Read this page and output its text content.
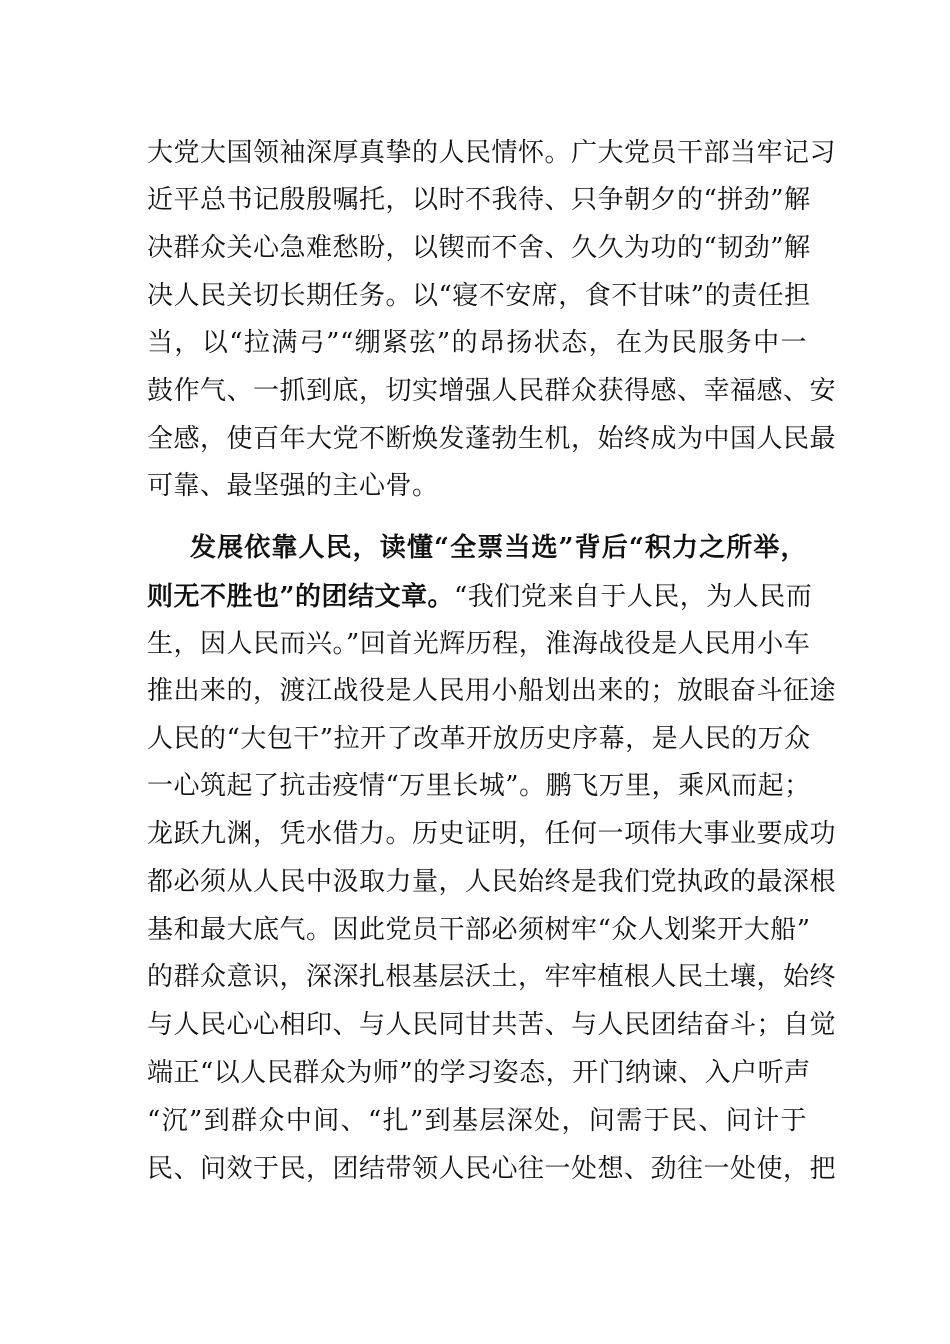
大党大国领袖深厚真挚的人民情怀。广大党员干部当牢记习
近平总书记殷殷嘱托，以时不我待、只争朝夕的“拼劲”解
决群众关心急难愁盼，以锲而不舍、久久为功的“韧劲”解
决人民关切长期任务。以“寝不安席，食不甘味”的责任担
当，以“拉满弓”“绷紧弦”的昂扬状态，在为民服务中一
鼓作气、一抓到底，切实增强人民群众获得感、幸福感、安
全感，使百年大党不断焕发蓬勃生机，始终成为中国人民最
可靠、最坚强的主心骨。
发展依靠人民，读懂“全票当选”背后“积力之所举，
则无不胜也”的团结文章。“我们党来自于人民，为人民而
生，因人民而兴。”回首光辉历程，淮海战役是人民用小车
推出来的，渡江战役是人民用小船划出来的；放眼奋斗征途
人民的“大包干”拉开了改革开放历史序幕，是人民的万众
一心筑起了抗击疫情“万里长城”。鹏飞万里，乘风而起；
龙跃九渊，凭水借力。历史证明，任何一项伟大事业要成功
都必须从人民中汲取力量，人民始终是我们党执政的最深根
基和最大底气。因此党员干部必须树牢“众人划桨开大船”
的群众意识，深深扎根基层沃土，牢牢植根人民土壤，始终
与人民心心相印、与人民同甘共苦、与人民团结奋斗；自觉
端正“以人民群众为师”的学习姿态，开门纳谏、入户听声
“沉”到群众中间、“扎”到基层深处，问需于民、问计于
民、问效于民，团结带领人民心往一处想、劲往一处使，把
